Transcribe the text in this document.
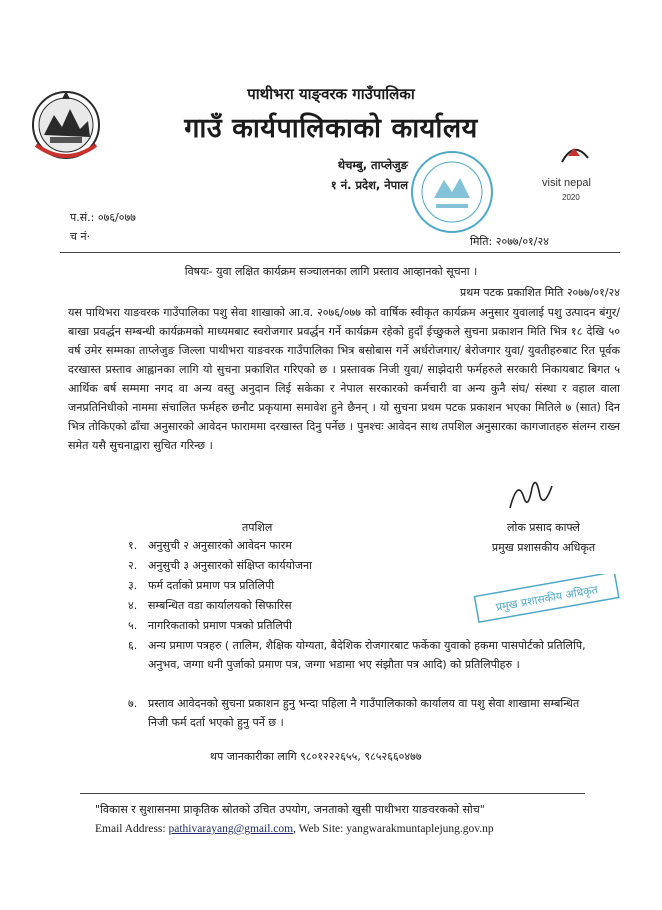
पाथीभरा याङ्वरक गाउँपालिका
गाउँ कार्यपालिकाको कार्यालय
थेचम्बु, ताप्लेजुङ
१ नं. प्रदेश, नेपाल	visit nepal
2020
प.सं.: ०७६/०७७
च नं·	मिति: २०७७/०१/२४
विषयः- युवा लक्षित कार्यक्रम सञ्चालनका लागि प्रस्ताव आव्हानको सूचना ।
प्रथम पटक प्रकाशित मिति २०७७/०१/२४
यस पाथिभरा याङवरक गाउँपालिका पशु सेवा शाखाको आ.व. २०७६/०७७ को वार्षिक स्वीकृत कार्यक्रम अनुसार युवालाई पशु उत्पादन बंगुर/बाखा प्रवर्द्धन सम्बन्धी कार्यक्रमको माध्यमबाट स्वरोजगार प्रवर्द्धन गर्ने कार्यक्रम रहेको हुदाँ ईच्छुकले सुचना प्रकाशन मिति भित्र १८ देखि ५० वर्ष उमेर सम्मका ताप्लेजुङ जिल्ला पाथीभरा याङवरक गाउँपालिका भित्र बसोबास गर्ने अर्धरोजगार/ बेरोजगार युवा/ युवतीहरुबाट रित पूर्वक दरखास्त प्रस्ताव आह्वानका लागि यो सुचना प्रकाशित गरिएको छ । प्रस्तावक निजी युवा/ साझेदारी फर्महरुले सरकारी निकायबाट बिगत ५ आर्थिक बर्ष सम्ममा नगद वा अन्य वस्तु अनुदान लिई सकेका र नेपाल सरकारको कर्मचारी वा अन्य कुनै संघ/ संस्था र वहाल वाला जनप्रतिनिधीको नाममा संचालित फर्महरु छनौट प्रकृयामा समावेश हुने छैनन् । यो सुचना प्रथम पटक प्रकाशन भएका मितिले ७ (सात) दिन भित्र तोकिएको ढाँचा अनुसारको आवेदन फाराममा दरखास्त दिनु पर्नेछ । पुनश्चः आवेदन साथ तपशिल अनुसारका कागजातहरु संलग्न राख्न समेत यसै सुचनाद्वारा सुचित गरिन्छ ।
लोक प्रसाद काफ्ले
प्रमुख प्रशासकीय अधिकृत
तपशिल
१. अनुसुची २ अनुसारको आवेदन फारम
२. अनुसुची ३ अनुसारको संक्षिप्त कार्ययोजना
३. फर्म दर्ताको प्रमाण पत्र प्रतिलिपी
४. सम्बन्धित वडा कार्यालयको सिफारिस
५. नागरिकताको प्रमाण पत्रको प्रतिलिपी
६. अन्य प्रमाण पत्रहरु ( तालिम, शैक्षिक योग्यता, बैदेशिक रोजगारबाट फर्केका युवाको हकमा पासपोर्टको प्रतिलिपि, अनुभव, जग्गा धनी पुर्जाको प्रमाण पत्र, जग्गा भडामा भए संझौता पत्र आदि) को प्रतिलिपीहरु ।
७. प्रस्ताव आवेदनको सुचना प्रकाशन हुनु भन्दा पहिला नै गाउँपालिकाको कार्यालय वा पशु सेवा शाखामा सम्बन्धित निजी फर्म दर्ता भएको हुनु पर्ने छ ।
प्रमुख प्रशासकीय अधिकृत
थप जानकारीका लागि ९८०१२२२६५५, ९८५२६६०४७७
"विकास र सुशासनमा प्राकृतिक स्रोतको उचित उपयोग, जनताको खुसी पाथीभरा याङवरकको सोच"
Email Address: pathivarayang@gmail.com, Web Site: yangwarakmuntaplejung.gov.np
